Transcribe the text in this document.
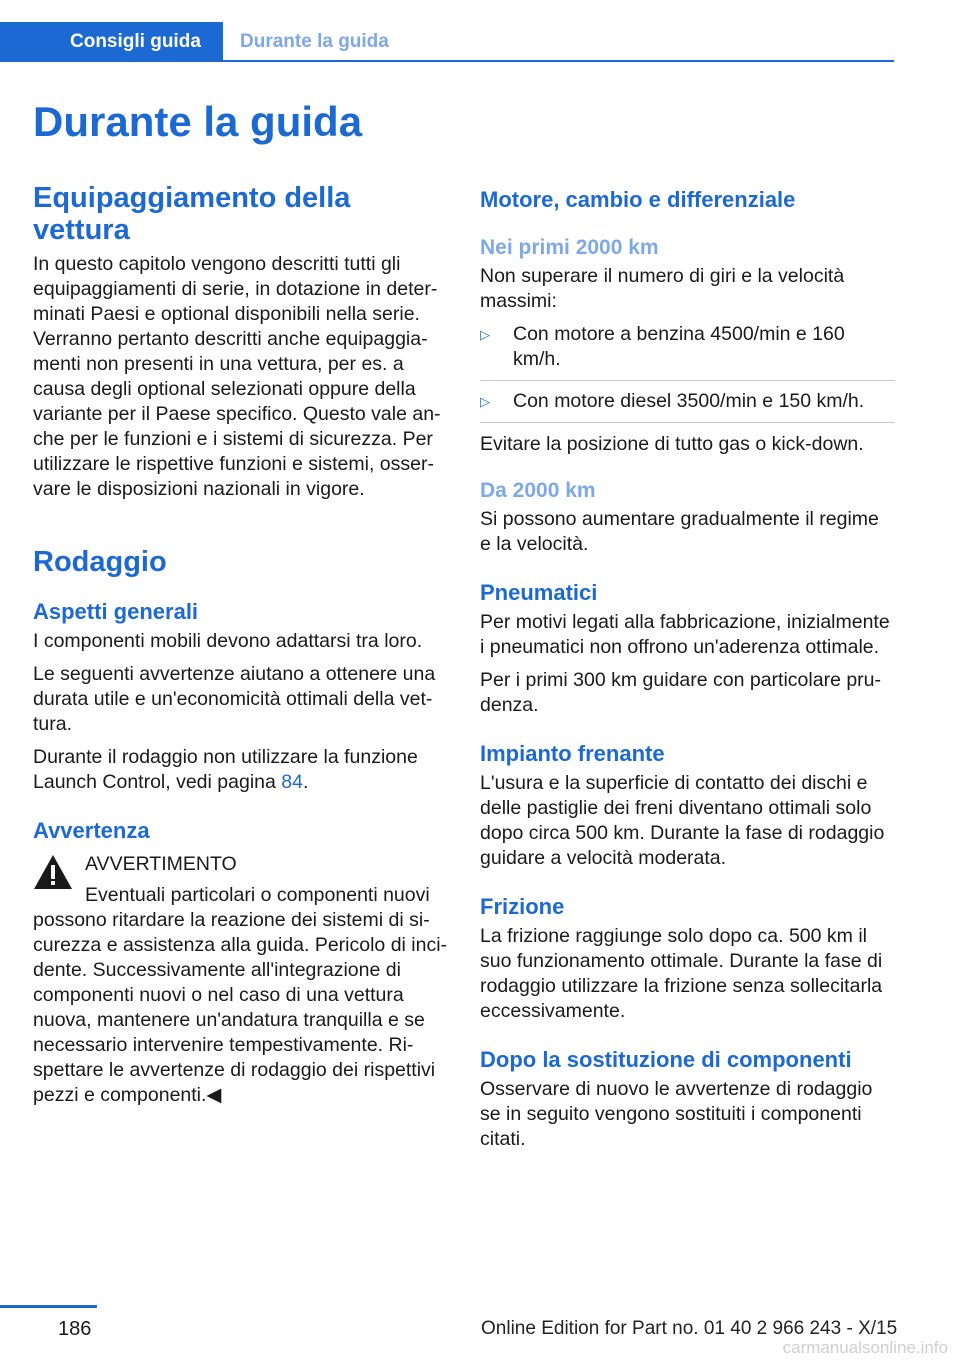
Consigli guida	Durante la guida
Durante la guida
Equipaggiamento della vettura

In questo capitolo vengono descritti tutti gli equipaggiamenti di serie, in dotazione in deter‐minati Paesi e optional disponibili nella serie. Verranno pertanto descritti anche equipaggia‐menti non presenti in una vettura, per es. a causa degli optional selezionati oppure della variante per il Paese specifico. Questo vale an‐che per le funzioni e i sistemi di sicurezza. Per utilizzare le rispettive funzioni e sistemi, osser‐vare le disposizioni nazionali in vigore.

Rodaggio
Aspetti generali

I componenti mobili devono adattarsi tra loro.

Le seguenti avvertenze aiutano a ottenere una durata utile e un'economicità ottimali della vet‐tura.

Durante il rodaggio non utilizzare la funzione Launch Control, vedi pagina 84.

Avvertenza
AVVERTIMENTO

Eventuali particolari o componenti nuovi possono ritardare la reazione dei sistemi di si‐curezza e assistenza alla guida. Pericolo di inci‐dente. Successivamente all'integrazione di componenti nuovi o nel caso di una vettura nuova, mantenere un'andatura tranquilla e se necessario intervenire tempestivamente. Ri‐spettare le avvertenze di rodaggio dei rispettivi pezzi e componenti.◀

Motore, cambio e differenziale
Nei primi 2000 km

Non superare il numero di giri e la velocità massimi:

▷ Con motore a benzina 4500/min e 160 km/h.
▷ Con motore diesel 3500/min e 150 km/h.

Evitare la posizione di tutto gas o kick-down.

Da 2000 km

Si possono aumentare gradualmente il regime e la velocità.

Pneumatici

Per motivi legati alla fabbricazione, inizialmente i pneumatici non offrono un'aderenza ottimale.

Per i primi 300 km guidare con particolare pru‐denza.

Impianto frenante

L'usura e la superficie di contatto dei dischi e delle pastiglie dei freni diventano ottimali solo dopo circa 500 km. Durante la fase di rodaggio guidare a velocità moderata.

Frizione

La frizione raggiunge solo dopo ca. 500 km il suo funzionamento ottimale. Durante la fase di rodaggio utilizzare la frizione senza sollecitarla eccessivamente.

Dopo la sostituzione di componenti

Osservare di nuovo le avvertenze di rodaggio se in seguito vengono sostituiti i componenti citati.

186	Online Edition for Part no. 01 40 2 966 243 - X/15
carmanualsonline.info
